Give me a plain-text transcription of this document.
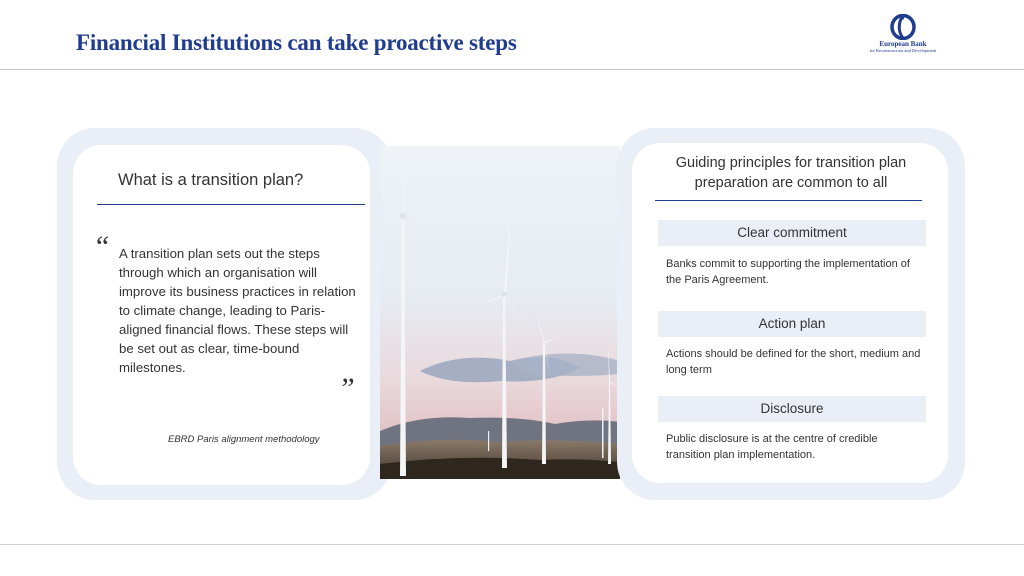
Financial Institutions can take proactive steps	European Bank
for Reconstruction and Development
What is a transition plan?
“ A transition plan sets out the steps through which an organisation will improve its business practices in relation to climate change, leading to Paris-aligned financial flows. These steps will be set out as clear, time-bound milestones.
”
EBRD Paris alignment methodology
Guiding principles for transition plan preparation are common to all
Clear commitment
Banks commit to supporting the implementation of the Paris Agreement.
Action plan
Actions should be defined for the short, medium and long term
Disclosure
Public disclosure is at the centre of credible transition plan implementation.
